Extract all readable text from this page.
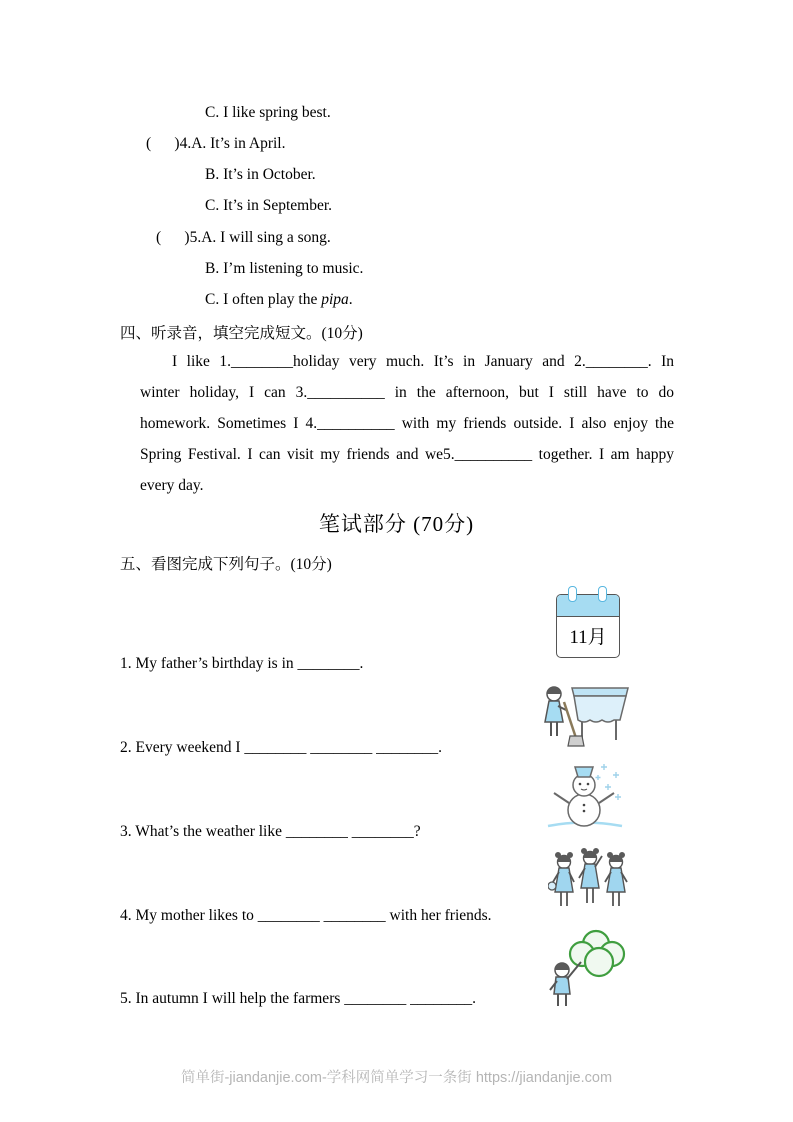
C. I like spring best.
(      )4.A. It’s in April.
B. It’s in October.
C. It’s in September.
(      )5.A. I will sing a song.
B. I’m listening to music.
C. I often play the pipa.
四、听录音，填空完成短文。(10分)
I like 1.________holiday very much. It’s in January and 2.________. In
winter holiday, I can 3.__________ in the afternoon, but I still have to do
homework. Sometimes I 4.__________ with my friends outside. I also enjoy the
Spring Festival. I can visit my friends and we5.__________ together. I am happy
every day.
笔试部分 (70分)
五、看图完成下列句子。(10分)
11月
1. My father’s birthday is in ________.
2. Every weekend I ________ ________ ________.
3. What’s the weather like ________ ________?
4. My mother likes to ________ ________ with her friends.
5. In autumn I will help the farmers ________ ________.
简单街-jiandanjie.com-学科网简单学习一条街 https://jiandanjie.com
